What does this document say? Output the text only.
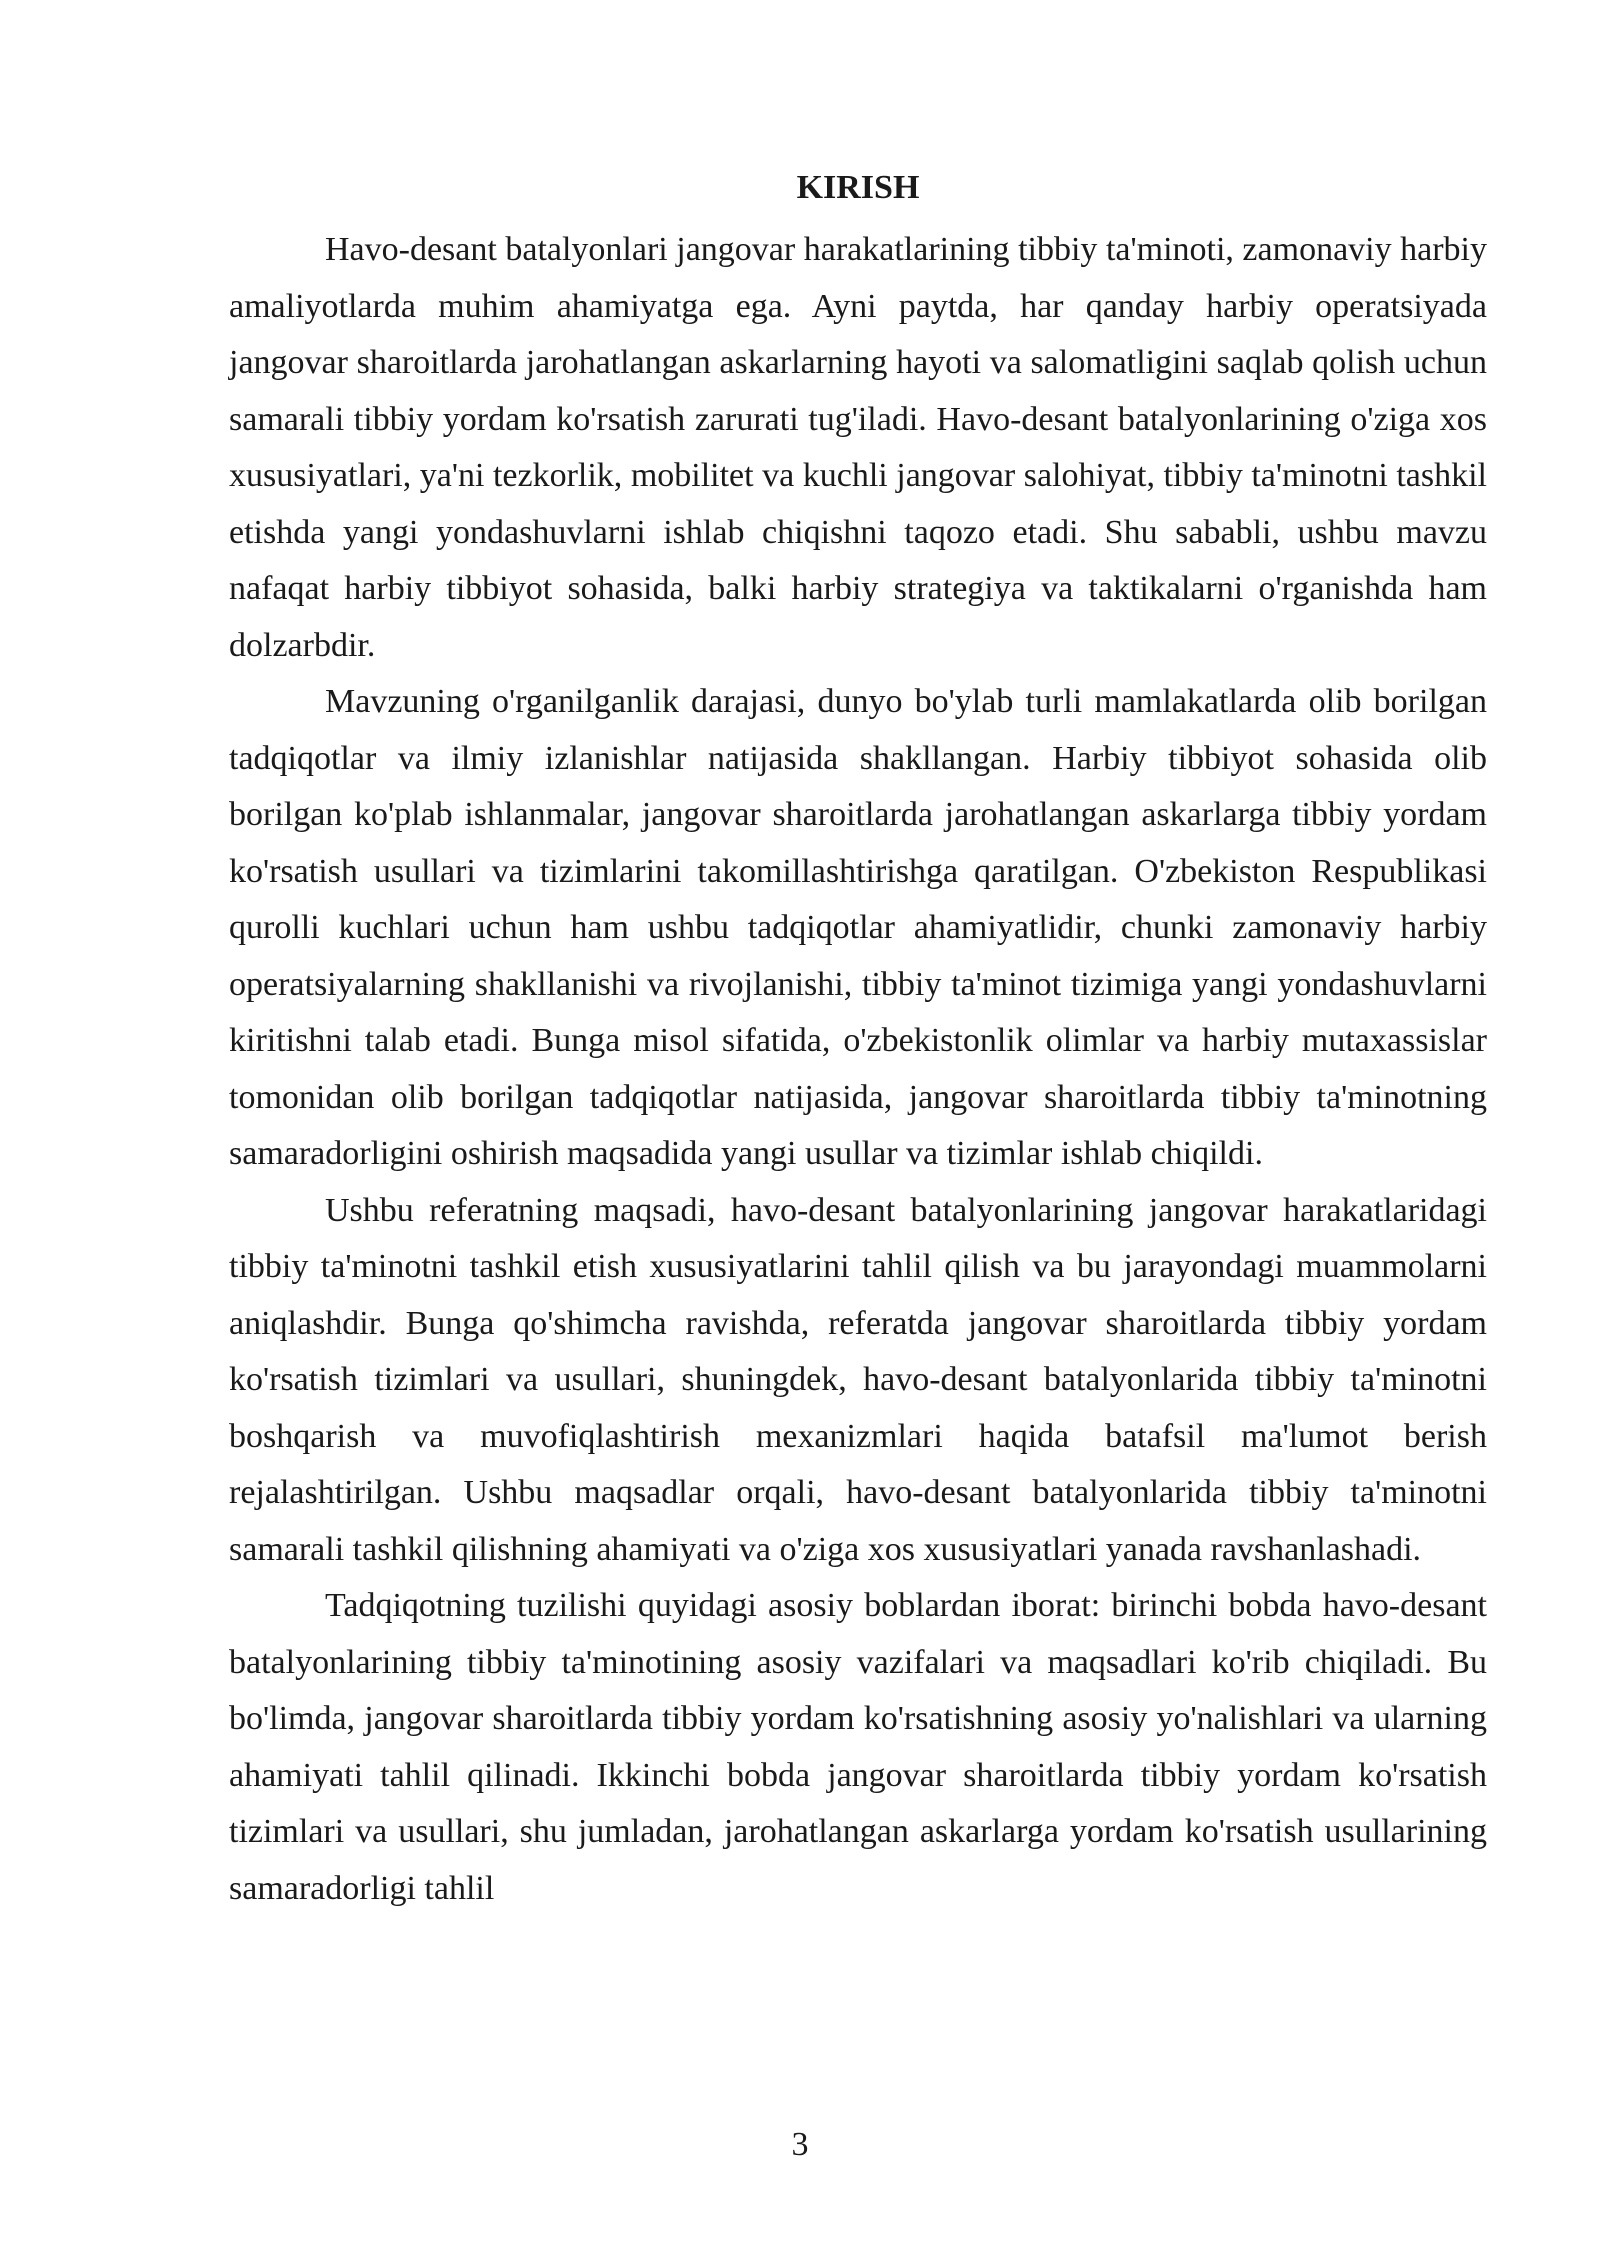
KIRISH

Havo-desant batalyonlari jangovar harakatlarining tibbiy ta'minoti, zamonaviy harbiy amaliyotlarda muhim ahamiyatga ega. Ayni paytda, har qanday harbiy operatsiyada jangovar sharoitlarda jarohatlangan askarlarning hayoti va salomatligini saqlab qolish uchun samarali tibbiy yordam ko'rsatish zarurati tug'iladi. Havo-desant batalyonlarining o'ziga xos xususiyatlari, ya'ni tezkorlik, mobilitet va kuchli jangovar salohiyat, tibbiy ta'minotni tashkil etishda yangi yondashuvlarni ishlab chiqishni taqozo etadi. Shu sababli, ushbu mavzu nafaqat harbiy tibbiyot sohasida, balki harbiy strategiya va taktikalarni o'rganishda ham dolzarbdir.

Mavzuning o'rganilganlik darajasi, dunyo bo'ylab turli mamlakatlarda olib borilgan tadqiqotlar va ilmiy izlanishlar natijasida shakllangan. Harbiy tibbiyot sohasida olib borilgan ko'plab ishlanmalar, jangovar sharoitlarda jarohatlangan askarlarga tibbiy yordam ko'rsatish usullari va tizimlarini takomillashtirishga qaratilgan. O'zbekiston Respublikasi qurolli kuchlari uchun ham ushbu tadqiqotlar ahamiyatlidir, chunki zamonaviy harbiy operatsiyalarning shakllanishi va rivojlanishi, tibbiy ta'minot tizimiga yangi yondashuvlarni kiritishni talab etadi. Bunga misol sifatida, o'zbekistonlik olimlar va harbiy mutaxassislar tomonidan olib borilgan tadqiqotlar natijasida, jangovar sharoitlarda tibbiy ta'minotning samaradorligini oshirish maqsadida yangi usullar va tizimlar ishlab chiqildi.

Ushbu referatning maqsadi, havo-desant batalyonlarining jangovar harakatlaridagi tibbiy ta'minotni tashkil etish xususiyatlarini tahlil qilish va bu jarayondagi muammolarni aniqlashdir. Bunga qo'shimcha ravishda, referatda jangovar sharoitlarda tibbiy yordam ko'rsatish tizimlari va usullari, shuningdek, havo-desant batalyonlarida tibbiy ta'minotni boshqarish va muvofiqlashtirish mexanizmlari haqida batafsil ma'lumot berish rejalashtirilgan. Ushbu maqsadlar orqali, havo-desant batalyonlarida tibbiy ta'minotni samarali tashkil qilishning ahamiyati va o'ziga xos xususiyatlari yanada ravshanlashadi.

Tadqiqotning tuzilishi quyidagi asosiy boblardan iborat: birinchi bobda havo-desant batalyonlarining tibbiy ta'minotining asosiy vazifalari va maqsadlari ko'rib chiqiladi. Bu bo'limda, jangovar sharoitlarda tibbiy yordam ko'rsatishning asosiy yo'nalishlari va ularning ahamiyati tahlil qilinadi. Ikkinchi bobda jangovar sharoitlarda tibbiy yordam ko'rsatish tizimlari va usullari, shu jumladan, jarohatlangan askarlarga yordam ko'rsatish usullarining samaradorligi tahlil

3
